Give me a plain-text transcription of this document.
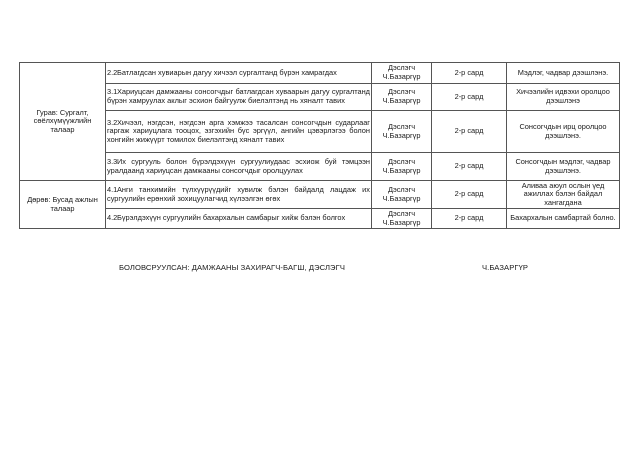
Гурав: Сургалт, сөёлхүмүүжлийн талаар	2.2Батлагдсан хувиарын дагуу хичээл сургалтанд бүрэн хамрагдах	Дэслэгч Ч.Базаргүр	2-р сард	Мэдлэг, чадвар дээшлэнэ.
	3.1Хариуцсан дамжааны сонсогчдыг батлагдсан хуваарын дагуу сургалтанд бүрэн хамруулах аклыг эсхион байгуулж биелэлтэнд нь хяналт тавих	Дэслэгч Ч.Базаргүр	2-р сард	Хичээлийн идвэхи оролцоо дээшлэнэ
	3.2Хичээл, нэгдсэн, нэгдсэн арга хэмжээ тасалсан сонсогчдын сударлааг гаргаж хариуцлага тооцох, эзгэхийн бүс эргүүл, ангийн цэвэрлэгээ болон хонгийн жижүүрт томилох биелэлтэнд хяналт тавих	Дэслэгч Ч.Базаргүр	2-р сард	Сонсогчдын ирц оролцоо дээшлэнэ.
	3.3Их сургууль болон бүрэлдэхүүн сургуулиудаас эсхиож буй тэмцээн уралдаанд хариуцсан дамжааны сонсогчдыг оролцуулах	Дэслэгч Ч.Базаргүр	2-р сард	Сонсогчдын мэдлэг, чадвар дээшлэнэ.
Дөрөв: Бусад ажлын талаар	4.1Анги танхимийн түлхүүрүүдийг хувилж бэлэн байдалд лацдаж их сургуулийн ерөнхий зохицуулагчид хүлээлгэн өгөх	Дэслэгч Ч.Базаргүр	2-р сард	Аливаа аюул ослын үед ажиллах бэлэн байдал хангагдана
	4.2Бүрэлдэхүүн сургуулийн бахархалын самбарыг хийж бэлэн болгох	Дэслэгч Ч.Базаргүр	2-р сард	Бахархалын самбартай болно.
БОЛОВСРУУЛСАН: ДАМЖААНЫ ЗАХИРАГЧ-БАГШ, ДЭСЛЭГЧ	Ч.БАЗАРГҮР
